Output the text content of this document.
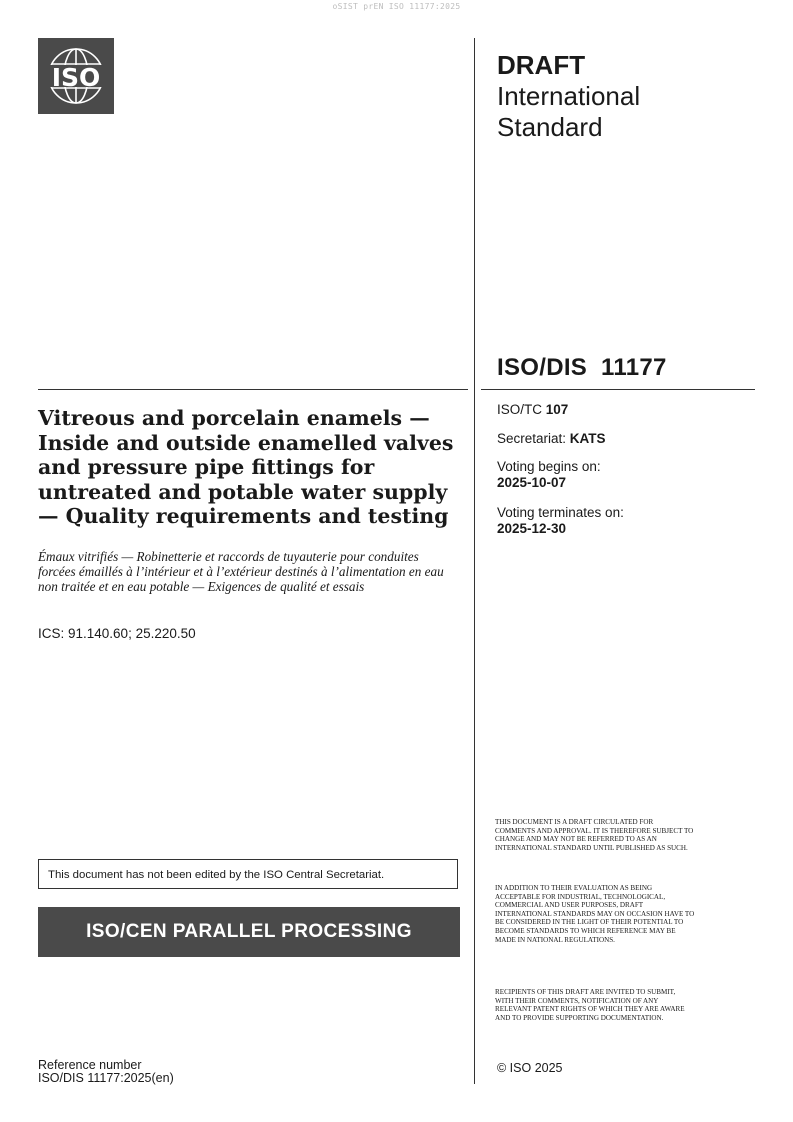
oSIST prEN ISO 11177:2025
ISO	DRAFT
International
Standard
ISO/DIS  11177
ISO/TC 107
Secretariat: KATS
Voting begins on:
2025-10-07
Voting terminates on:
2025-12-30
Vitreous and porcelain enamels — Inside and outside enamelled valves and pressure pipe fittings for untreated and potable water supply — Quality requirements and testing
Émaux vitrifiés — Robinetterie et raccords de tuyauterie pour conduites forcées émaillés à l’intérieur et à l’extérieur destinés à l’alimentation en eau non traitée et en eau potable — Exigences de qualité et essais
ICS: 91.140.60; 25.220.50
This document has not been edited by the ISO Central Secretariat.
ISO/CEN PARALLEL PROCESSING
Reference number
ISO/DIS 11177:2025(en)
THIS DOCUMENT IS A DRAFT CIRCULATED FOR COMMENTS AND APPROVAL. IT IS THEREFORE SUBJECT TO CHANGE AND MAY NOT BE REFERRED TO AS AN INTERNATIONAL STANDARD UNTIL PUBLISHED AS SUCH.
IN ADDITION TO THEIR EVALUATION AS BEING ACCEPTABLE FOR INDUSTRIAL, TECHNOLOGICAL, COMMERCIAL AND USER PURPOSES, DRAFT INTERNATIONAL STANDARDS MAY ON OCCASION HAVE TO BE CONSIDERED IN THE LIGHT OF THEIR POTENTIAL TO BECOME STANDARDS TO WHICH REFERENCE MAY BE MADE IN NATIONAL REGULATIONS.
RECIPIENTS OF THIS DRAFT ARE INVITED TO SUBMIT, WITH THEIR COMMENTS, NOTIFICATION OF ANY RELEVANT PATENT RIGHTS OF WHICH THEY ARE AWARE AND TO PROVIDE SUPPORTING DOCUMENTATION.
© ISO 2025
